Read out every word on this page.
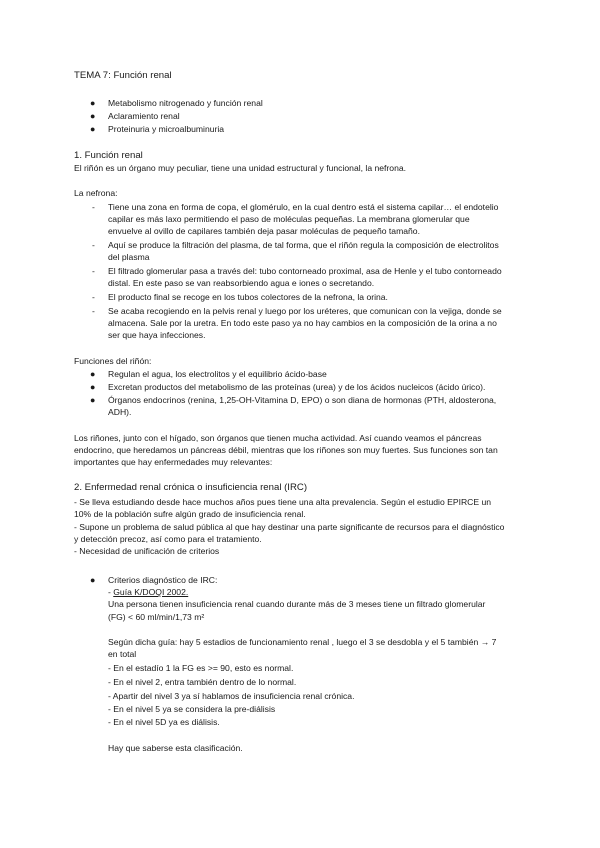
TEMA 7: Función renal
● Metabolismo nitrogenado y función renal
● Aclaramiento renal
● Proteinuria y microalbuminuria
1. Función renal
El riñón es un órgano muy peculiar, tiene una unidad estructural y funcional, la nefrona.
La nefrona:
- Tiene una zona en forma de copa, el glomérulo, en la cual dentro está el sistema capilar… el endotelio
capilar es más laxo permitiendo el paso de moléculas pequeñas. La membrana glomerular que
envuelve al ovillo de capilares también deja pasar moléculas de pequeño tamaño.
- Aquí se produce la filtración del plasma, de tal forma, que el riñón regula la composición de electrolitos
del plasma
- El filtrado glomerular pasa a través del: tubo contorneado proximal, asa de Henle y el tubo contorneado
distal. En este paso se van reabsorbiendo agua e iones o secretando.
- El producto final se recoge en los tubos colectores de la nefrona, la orina.
- Se acaba recogiendo en la pelvis renal y luego por los uréteres, que comunican con la vejiga, donde se
almacena. Sale por la uretra. En todo este paso ya no hay cambios en la composición de la orina a no
ser que haya infecciones.
Funciones del riñón:
● Regulan el agua, los electrolitos y el equilibrio ácido-base
● Excretan productos del metabolismo de las proteínas (urea) y de los ácidos nucleicos (ácido úrico).
● Órganos endocrinos (renina, 1,25-OH-Vitamina D, EPO) o son diana de hormonas (PTH, aldosterona,
ADH).
Los riñones, junto con el hígado, son órganos que tienen mucha actividad. Así cuando veamos el páncreas
endocrino, que heredamos un páncreas débil, mientras que los riñones son muy fuertes. Sus funciones son tan
importantes que hay enfermedades muy relevantes:
2. Enfermedad renal crónica o insuficiencia renal (IRC)
- Se lleva estudiando desde hace muchos años pues tiene una alta prevalencia. Según el estudio EPIRCE un
10% de la población sufre algún grado de insuficiencia renal.
- Supone un problema de salud pública al que hay destinar una parte significante de recursos para el diagnóstico
y detección precoz, así como para el tratamiento.
- Necesidad de unificación de criterios
● Criterios diagnóstico de IRC:
- Guía K/DOQI 2002.
Una persona tienen insuficiencia renal cuando durante más de 3 meses tiene un filtrado glomerular
(FG) < 60 ml/min/1,73 m²
Según dicha guía: hay 5 estadios de funcionamiento renal , luego el 3 se desdobla y el 5 también → 7
en total
- En el estadío 1 la FG es >= 90, esto es normal.
- En el nivel 2, entra también dentro de lo normal.
- Apartir del nivel 3 ya sí hablamos de insuficiencia renal crónica.
- En el nivel 5 ya se considera la pre-diálisis
- En el nivel 5D ya es diálisis.
Hay que saberse esta clasificación.
